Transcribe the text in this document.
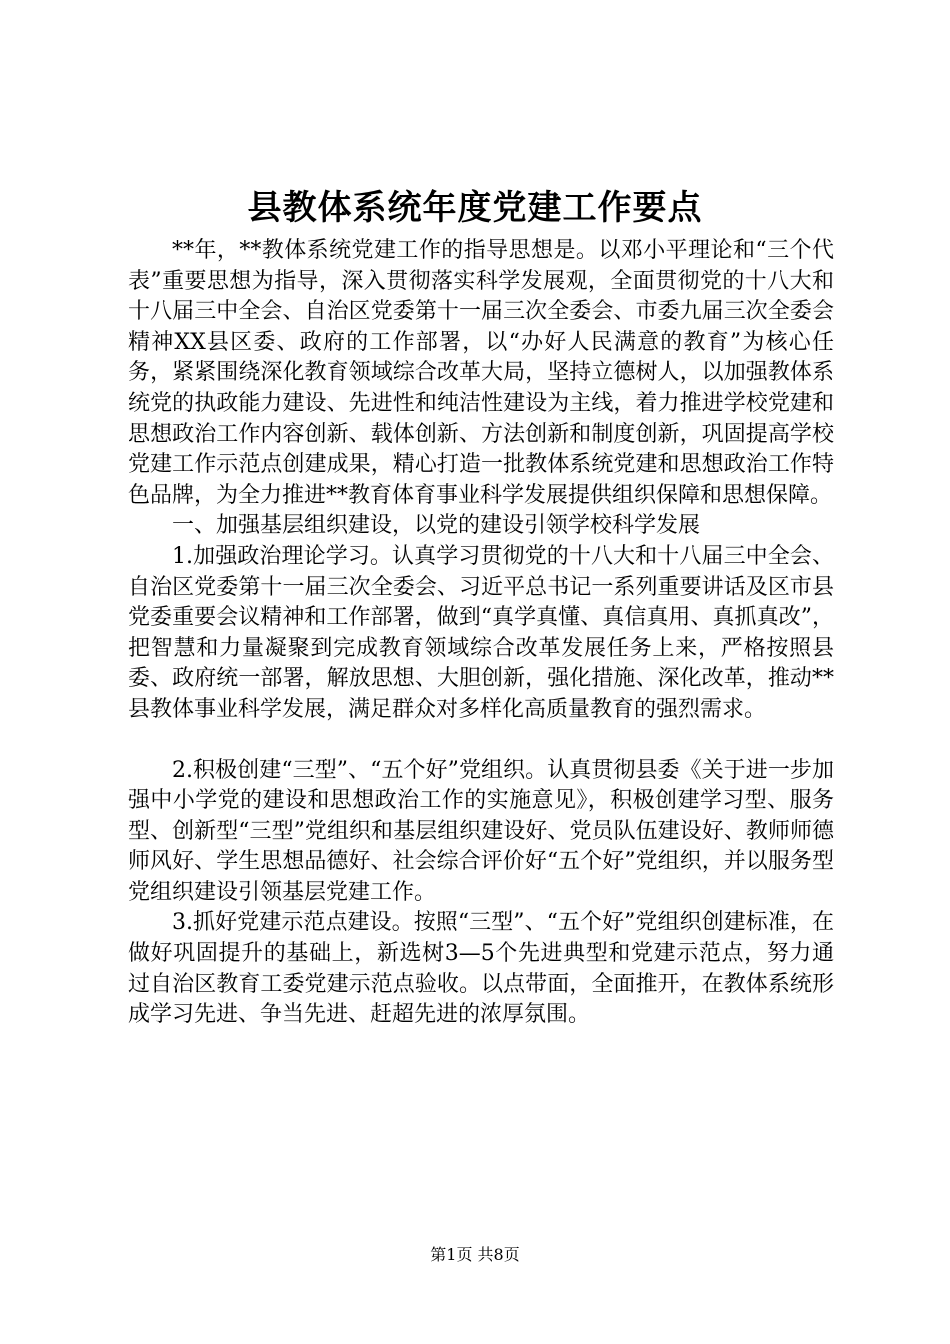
县教体系统年度党建工作要点

**年，**教体系统党建工作的指导思想是。以邓小平理论和“三个代表”重要思想为指导，深入贯彻落实科学发展观，全面贯彻党的十八大和十八届三中全会、自治区党委第十一届三次全委会、市委九届三次全委会精神XX县区委、政府的工作部署，以“办好人民满意的教育”为核心任务，紧紧围绕深化教育领域综合改革大局，坚持立德树人，以加强教体系统党的执政能力建设、先进性和纯洁性建设为主线，着力推进学校党建和思想政治工作内容创新、载体创新、方法创新和制度创新，巩固提高学校党建工作示范点创建成果，精心打造一批教体系统党建和思想政治工作特色品牌，为全力推进**教育体育事业科学发展提供组织保障和思想保障。

一、加强基层组织建设，以党的建设引领学校科学发展

1.加强政治理论学习。认真学习贯彻党的十八大和十八届三中全会、自治区党委第十一届三次全委会、习近平总书记一系列重要讲话及区市县党委重要会议精神和工作部署，做到“真学真懂、真信真用、真抓真改”，把智慧和力量凝聚到完成教育领域综合改革发展任务上来，严格按照县委、政府统一部署，解放思想、大胆创新，强化措施、深化改革，推动**县教体事业科学发展，满足群众对多样化高质量教育的强烈需求。

2.积极创建“三型”、“五个好”党组织。认真贯彻县委《关于进一步加强中小学党的建设和思想政治工作的实施意见》，积极创建学习型、服务型、创新型“三型”党组织和基层组织建设好、党员队伍建设好、教师师德师风好、学生思想品德好、社会综合评价好“五个好”党组织，并以服务型党组织建设引领基层党建工作。

3.抓好党建示范点建设。按照“三型”、“五个好”党组织创建标准，在做好巩固提升的基础上，新选树3—5个先进典型和党建示范点，努力通过自治区教育工委党建示范点验收。以点带面，全面推开，在教体系统形成学习先进、争当先进、赶超先进的浓厚氛围。

第1页 共8页
